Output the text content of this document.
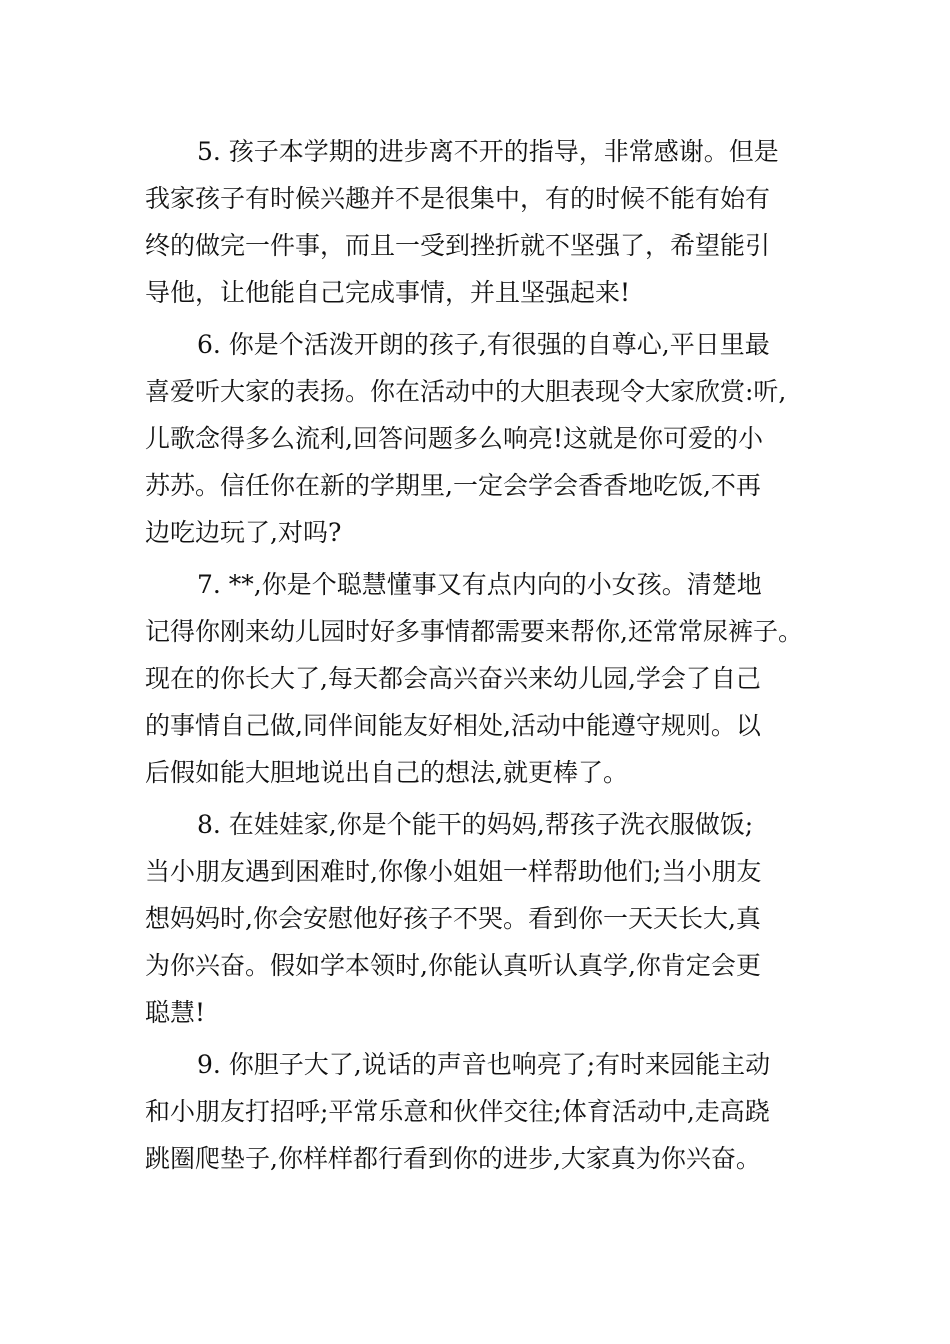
5. 孩子本学期的进步离不开的指导，非常感谢。但是
我家孩子有时候兴趣并不是很集中，有的时候不能有始有
终的做完一件事，而且一受到挫折就不坚强了，希望能引
导他，让他能自己完成事情，并且坚强起来!
6. 你是个活泼开朗的孩子,有很强的自尊心,平日里最
喜爱听大家的表扬。你在活动中的大胆表现令大家欣赏:听,
儿歌念得多么流利,回答问题多么响亮!这就是你可爱的小
苏苏。信任你在新的学期里,一定会学会香香地吃饭,不再
边吃边玩了,对吗?
7. **,你是个聪慧懂事又有点内向的小女孩。清楚地
记得你刚来幼儿园时好多事情都需要来帮你,还常常尿裤子。
现在的你长大了,每天都会高兴奋兴来幼儿园,学会了自己
的事情自己做,同伴间能友好相处,活动中能遵守规则。以
后假如能大胆地说出自己的想法,就更棒了。
8. 在娃娃家,你是个能干的妈妈,帮孩子洗衣服做饭;
当小朋友遇到困难时,你像小姐姐一样帮助他们;当小朋友
想妈妈时,你会安慰他好孩子不哭。看到你一天天长大,真
为你兴奋。假如学本领时,你能认真听认真学,你肯定会更
聪慧!
9. 你胆子大了,说话的声音也响亮了;有时来园能主动
和小朋友打招呼;平常乐意和伙伴交往;体育活动中,走高跷
跳圈爬垫子,你样样都行看到你的进步,大家真为你兴奋。
